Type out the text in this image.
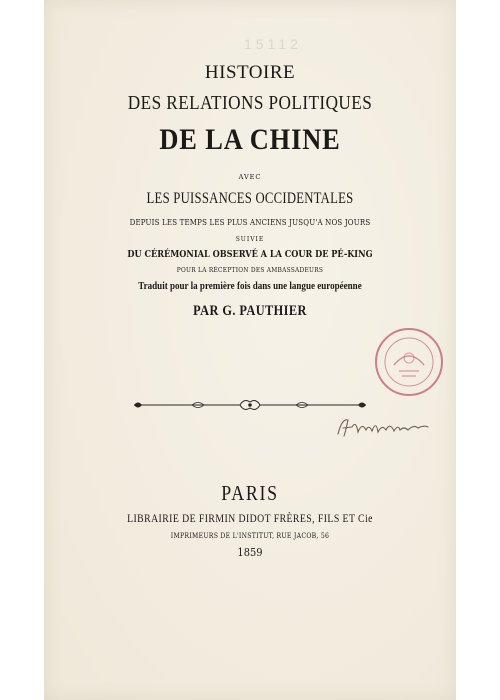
15112
HISTOIRE
DES RELATIONS POLITIQUES
DE LA CHINE
AVEC
LES PUISSANCES OCCIDENTALES
DEPUIS LES TEMPS LES PLUS ANCIENS JUSQU'À NOS JOURS
SUIVIE
DU CÉRÉMONIAL OBSERVÉ A LA COUR DE PÉ-KING
POUR LA RÉCEPTION DES AMBASSADEURS
Traduit pour la première fois dans une langue européenne
PAR G. PAUTHIER
PARIS
LIBRAIRIE DE FIRMIN DIDOT FRÈRES, FILS ET Cie
IMPRIMEURS DE L'INSTITUT, RUE JACOB, 56
1859
